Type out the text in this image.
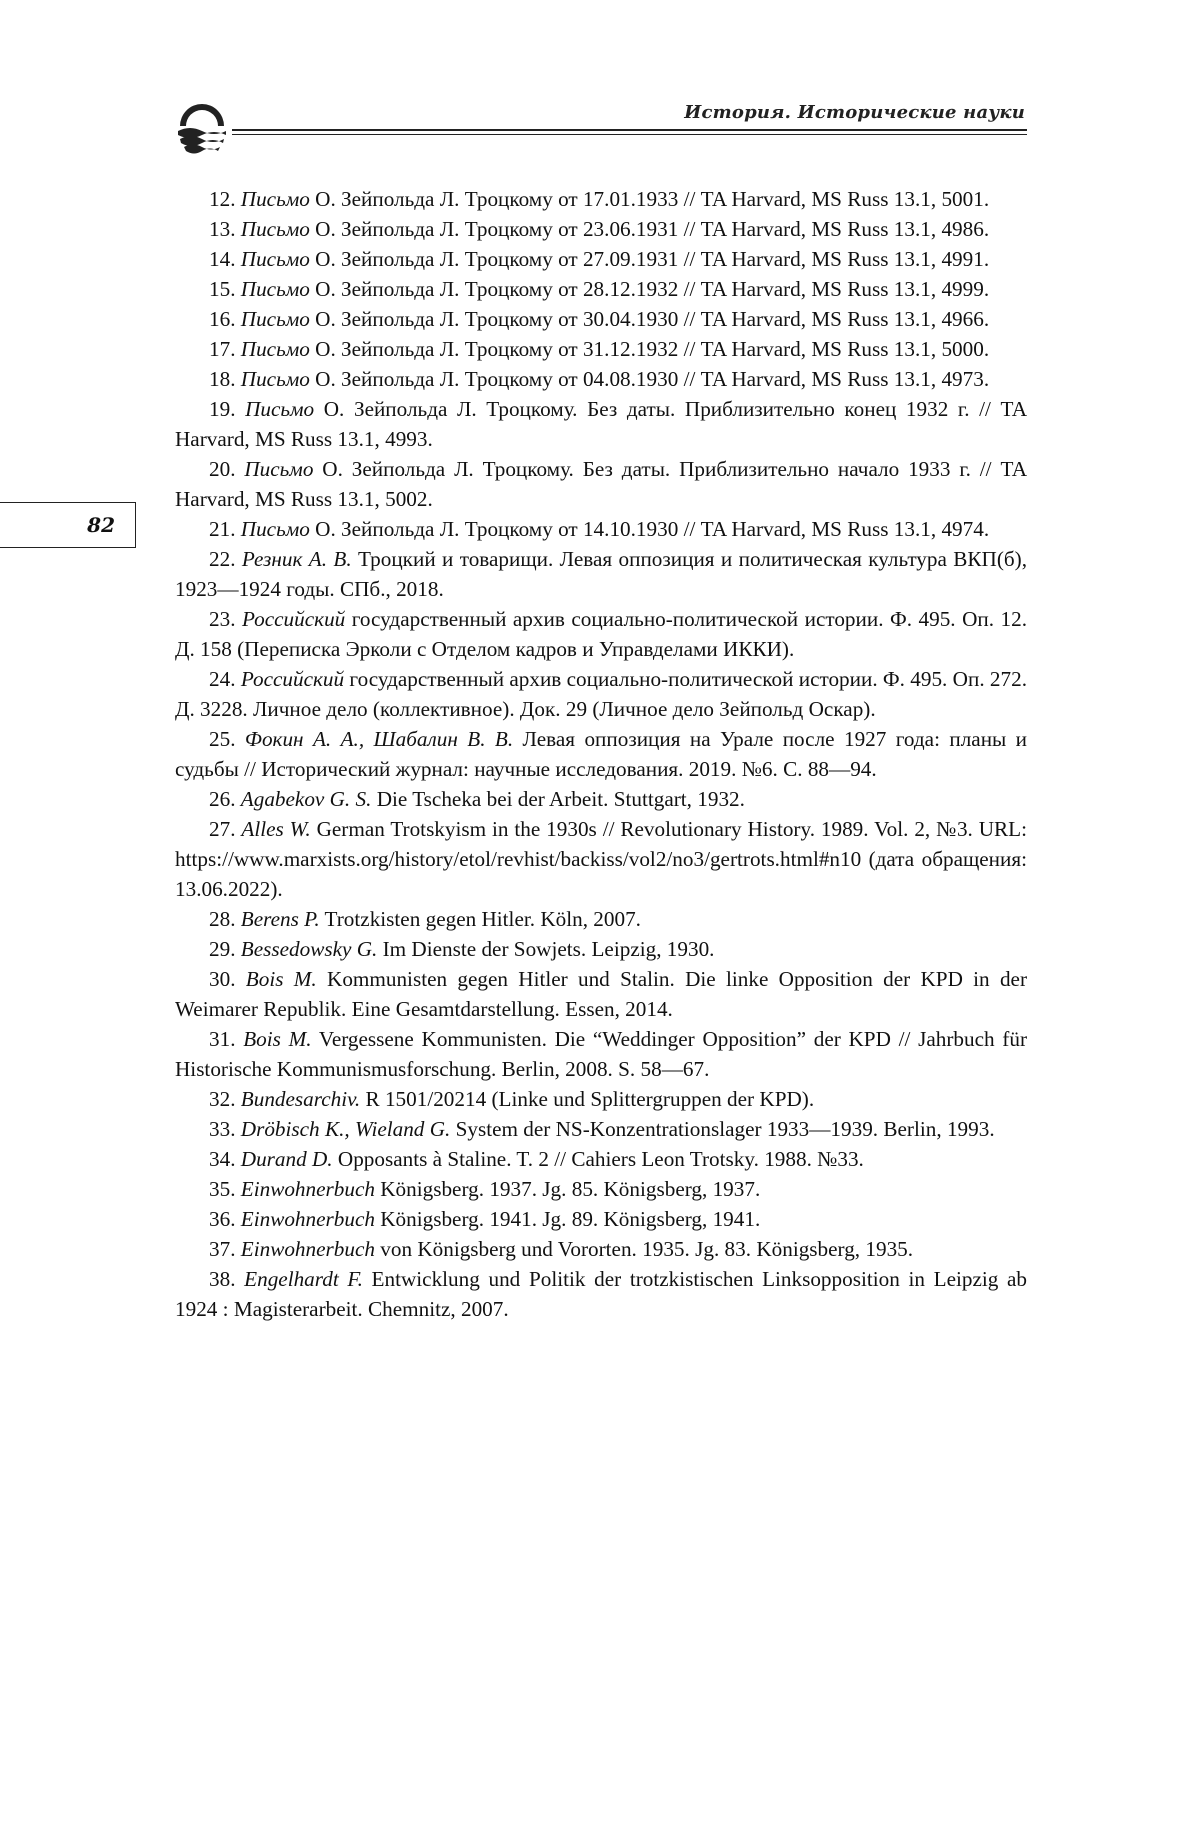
История. Исторические науки
82

12. Письмо О. Зейпольда Л. Троцкому от 17.01.1933 // TA Harvard, MS Russ 13.1, 5001.

13. Письмо О. Зейпольда Л. Троцкому от 23.06.1931 // TA Harvard, MS Russ 13.1, 4986.

14. Письмо О. Зейпольда Л. Троцкому от 27.09.1931 // TA Harvard, MS Russ 13.1, 4991.

15. Письмо О. Зейпольда Л. Троцкому от 28.12.1932 // TA Harvard, MS Russ 13.1, 4999.

16. Письмо О. Зейпольда Л. Троцкому от 30.04.1930 // TA Harvard, MS Russ 13.1, 4966.

17. Письмо О. Зейпольда Л. Троцкому от 31.12.1932 // TA Harvard, MS Russ 13.1, 5000.

18. Письмо О. Зейпольда Л. Троцкому от 04.08.1930 // TA Harvard, MS Russ 13.1, 4973.

19. Письмо О. Зейпольда Л. Троцкому. Без даты. Приблизительно конец 1932 г. // TA Harvard, MS Russ 13.1, 4993.

20. Письмо О. Зейпольда Л. Троцкому. Без даты. Приблизительно начало 1933 г. // TA Harvard, MS Russ 13.1, 5002.

21. Письмо О. Зейпольда Л. Троцкому от 14.10.1930 // TA Harvard, MS Russ 13.1, 4974.

22. Резник А. В. Троцкий и товарищи. Левая оппозиция и политическая культура ВКП(б), 1923—1924 годы. СПб., 2018.

23. Российский государственный архив социально-политической истории. Ф. 495. Оп. 12. Д. 158 (Переписка Эрколи с Отделом кадров и Управделами ИККИ).

24. Российский государственный архив социально-политической истории. Ф. 495. Оп. 272. Д. 3228. Личное дело (коллективное). Док. 29 (Личное дело Зейпольд Оскар).

25. Фокин А. А., Шабалин В. В. Левая оппозиция на Урале после 1927 года: планы и судьбы // Исторический журнал: научные исследования. 2019. №6. С. 88—94.

26. Agabekov G. S. Die Tscheka bei der Arbeit. Stuttgart, 1932.

27. Alles W. German Trotskyism in the 1930s // Revolutionary History. 1989. Vol. 2, №3. URL: https://www.marxists.org/history/etol/revhist/backiss/vol2/no3/gertrots.html#n10 (дата обращения: 13.06.2022).

28. Berens P. Trotzkisten gegen Hitler. Köln, 2007.

29. Bessedowsky G. Im Dienste der Sowjets. Leipzig, 1930.

30. Bois M. Kommunisten gegen Hitler und Stalin. Die linke Opposition der KPD in der Weimarer Republik. Eine Gesamtdarstellung. Essen, 2014.

31. Bois M. Vergessene Kommunisten. Die “Weddinger Opposition” der KPD // Jahrbuch für Historische Kommunismusforschung. Berlin, 2008. S. 58—67.

32. Bundesarchiv. R 1501/20214 (Linke und Splittergruppen der KPD).

33. Dröbisch K., Wieland G. System der NS-Konzentrationslager 1933—1939. Berlin, 1993.

34. Durand D. Opposants à Staline. T. 2 // Cahiers Leon Trotsky. 1988. №33.

35. Einwohnerbuch Königsberg. 1937. Jg. 85. Königsberg, 1937.

36. Einwohnerbuch Königsberg. 1941. Jg. 89. Königsberg, 1941.

37. Einwohnerbuch von Königsberg und Vororten. 1935. Jg. 83. Königsberg, 1935.

38. Engelhardt F. Entwicklung und Politik der trotzkistischen Linksopposition in Leipzig ab 1924 : Magisterarbeit. Chemnitz, 2007.
